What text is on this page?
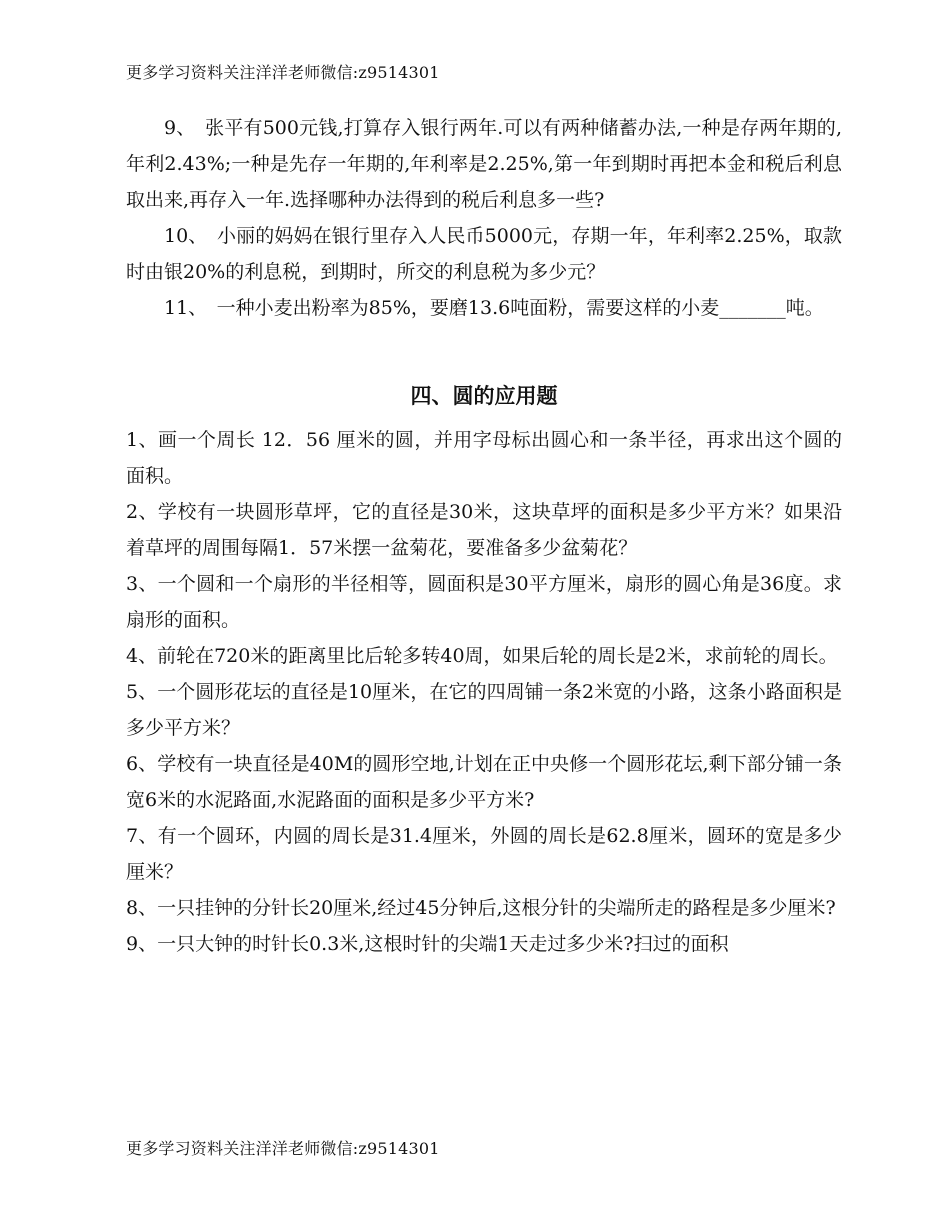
更多学习资料关注洋洋老师微信:z9514301

9、　张平有500元钱,打算存入银行两年.可以有两种储蓄办法,一种是存两年期的,年利2.43%;一种是先存一年期的,年利率是2.25%,第一年到期时再把本金和税后利息取出来,再存入一年.选择哪种办法得到的税后利息多一些?

10、　小丽的妈妈在银行里存入人民币5000元，存期一年，年利率2.25%，取款时由银20%的利息税，到期时，所交的利息税为多少元？

11、　一种小麦出粉率为85%，要磨13.6吨面粉，需要这样的小麦_______吨。

四、圆的应用题

1、画一个周长 12．56 厘米的圆，并用字母标出圆心和一条半径，再求出这个圆的面积。

2、学校有一块圆形草坪，它的直径是30米，这块草坪的面积是多少平方米？如果沿着草坪的周围每隔1．57米摆一盆菊花，要准备多少盆菊花？

3、一个圆和一个扇形的半径相等，圆面积是30平方厘米，扇形的圆心角是36度。求扇形的面积。

4、前轮在720米的距离里比后轮多转40周，如果后轮的周长是2米，求前轮的周长。

5、一个圆形花坛的直径是10厘米，在它的四周铺一条2米宽的小路，这条小路面积是多少平方米？

6、学校有一块直径是40M的圆形空地,计划在正中央修一个圆形花坛,剩下部分铺一条宽6米的水泥路面,水泥路面的面积是多少平方米?

7、有一个圆环，内圆的周长是31.4厘米，外圆的周长是62.8厘米，圆环的宽是多少厘米？

8、一只挂钟的分针长20厘米,经过45分钟后,这根分针的尖端所走的路程是多少厘米?

9、一只大钟的时针长0.3米,这根时针的尖端1天走过多少米?扫过的面积

更多学习资料关注洋洋老师微信:z9514301
